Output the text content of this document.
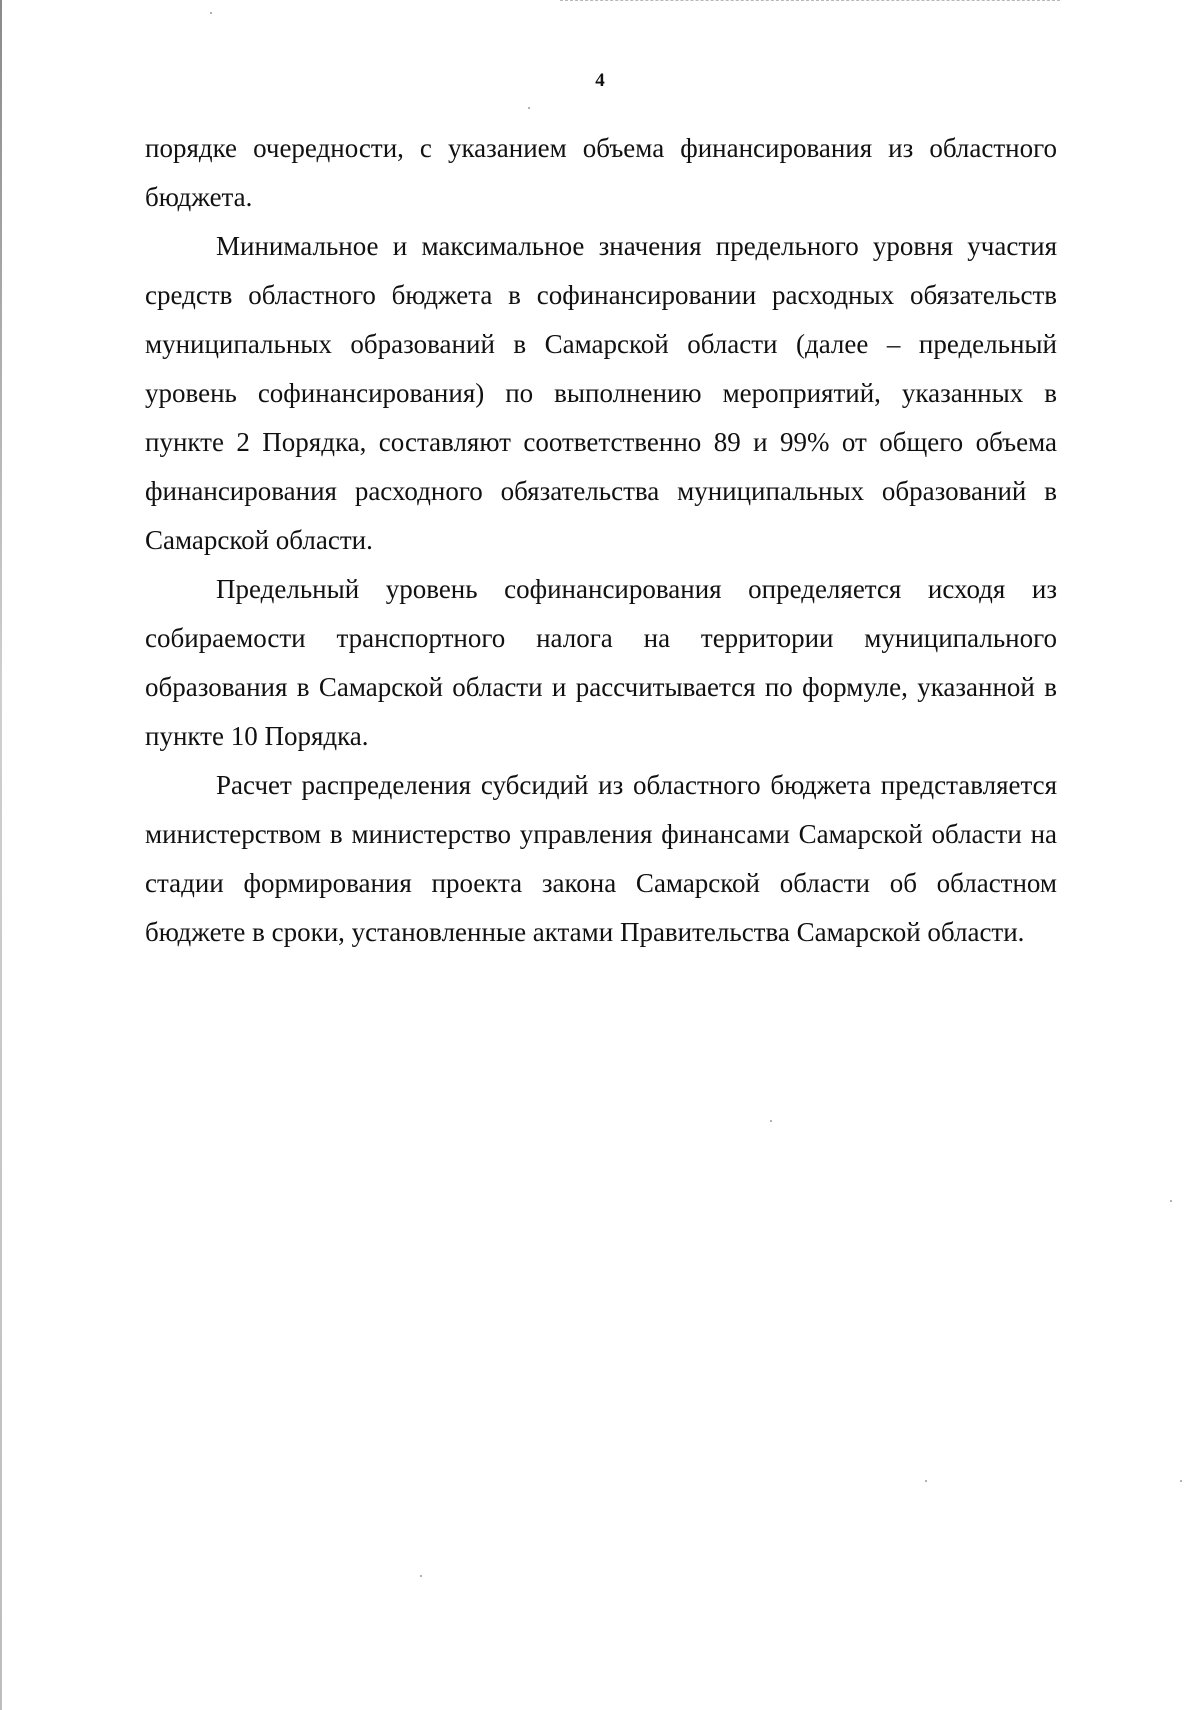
4

порядке очередности, с указанием объема финансирования из областного бюджета.

Минимальное и максимальное значения предельного уровня участия средств областного бюджета в софинансировании расходных обязательств муниципальных образований в Самарской области (далее – предельный уровень софинансирования) по выполнению мероприятий, указанных в пункте 2 Порядка, составляют соответственно 89 и 99% от общего объема финансирования расходного обязательства муниципальных образований в Самарской области.

Предельный уровень софинансирования определяется исходя из собираемости транспортного налога на территории муниципального образования в Самарской области и рассчитывается по формуле, указанной в пункте 10 Порядка.

Расчет распределения субсидий из областного бюджета представляется министерством в министерство управления финансами Самарской области на стадии формирования проекта закона Самарской области об областном бюджете в сроки, установленные актами Правительства Самарской области.
